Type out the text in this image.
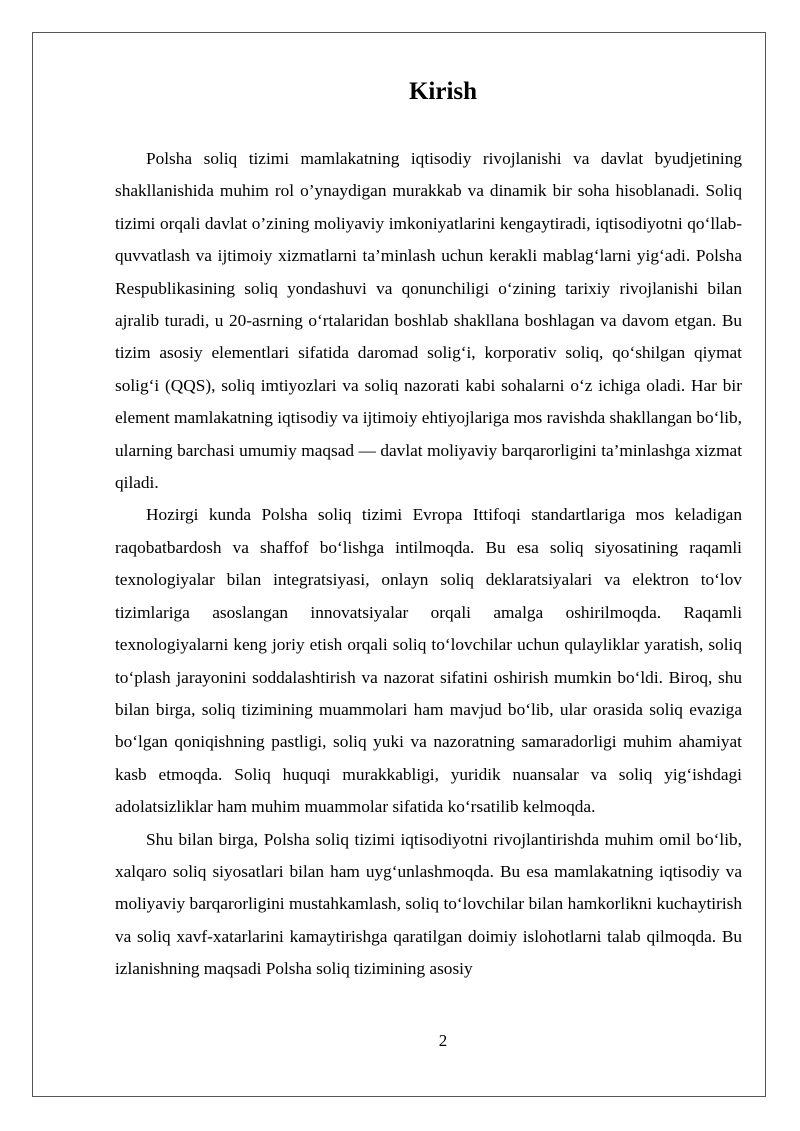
Kirish

Polsha soliq tizimi mamlakatning iqtisodiy rivojlanishi va davlat byudjetining shakllanishida muhim rol o’ynaydigan murakkab va dinamik bir soha hisoblanadi. Soliq tizimi orqali davlat o’zining moliyaviy imkoniyatlarini kengaytiradi, iqtisodiyotni qo‘llab-quvvatlash va ijtimoiy xizmatlarni ta’minlash uchun kerakli mablag‘larni yig‘adi. Polsha Respublikasining soliq yondashuvi va qonunchiligi o‘zining tarixiy rivojlanishi bilan ajralib turadi, u 20-asrning o‘rtalaridan boshlab shakllana boshlagan va davom etgan. Bu tizim asosiy elementlari sifatida daromad solig‘i, korporativ soliq, qo‘shilgan qiymat solig‘i (QQS), soliq imtiyozlari va soliq nazorati kabi sohalarni o‘z ichiga oladi. Har bir element mamlakatning iqtisodiy va ijtimoiy ehtiyojlariga mos ravishda shakllangan bo‘lib, ularning barchasi umumiy maqsad — davlat moliyaviy barqarorligini ta’minlashga xizmat qiladi.

Hozirgi kunda Polsha soliq tizimi Evropa Ittifoqi standartlariga mos keladigan raqobatbardosh va shaffof bo‘lishga intilmoqda. Bu esa soliq siyosatining raqamli texnologiyalar bilan integratsiyasi, onlayn soliq deklaratsiyalari va elektron to‘lov tizimlariga asoslangan innovatsiyalar orqali amalga oshirilmoqda. Raqamli texnologiyalarni keng joriy etish orqali soliq to‘lovchilar uchun qulayliklar yaratish, soliq to‘plash jarayonini soddalashtirish va nazorat sifatini oshirish mumkin bo‘ldi. Biroq, shu bilan birga, soliq tizimining muammolari ham mavjud bo‘lib, ular orasida soliq evaziga bo‘lgan qoniqishning pastligi, soliq yuki va nazoratning samaradorligi muhim ahamiyat kasb etmoqda. Soliq huquqi murakkabligi, yuridik nuansalar va soliq yig‘ishdagi adolatsizliklar ham muhim muammolar sifatida ko‘rsatilib kelmoqda.

Shu bilan birga, Polsha soliq tizimi iqtisodiyotni rivojlantirishda muhim omil bo‘lib, xalqaro soliq siyosatlari bilan ham uyg‘unlashmoqda. Bu esa mamlakatning iqtisodiy va moliyaviy barqarorligini mustahkamlash, soliq to‘lovchilar bilan hamkorlikni kuchaytirish va soliq xavf-xatarlarini kamaytirishga qaratilgan doimiy islohotlarni talab qilmoqda. Bu izlanishning maqsadi Polsha soliq tizimining asosiy

2
